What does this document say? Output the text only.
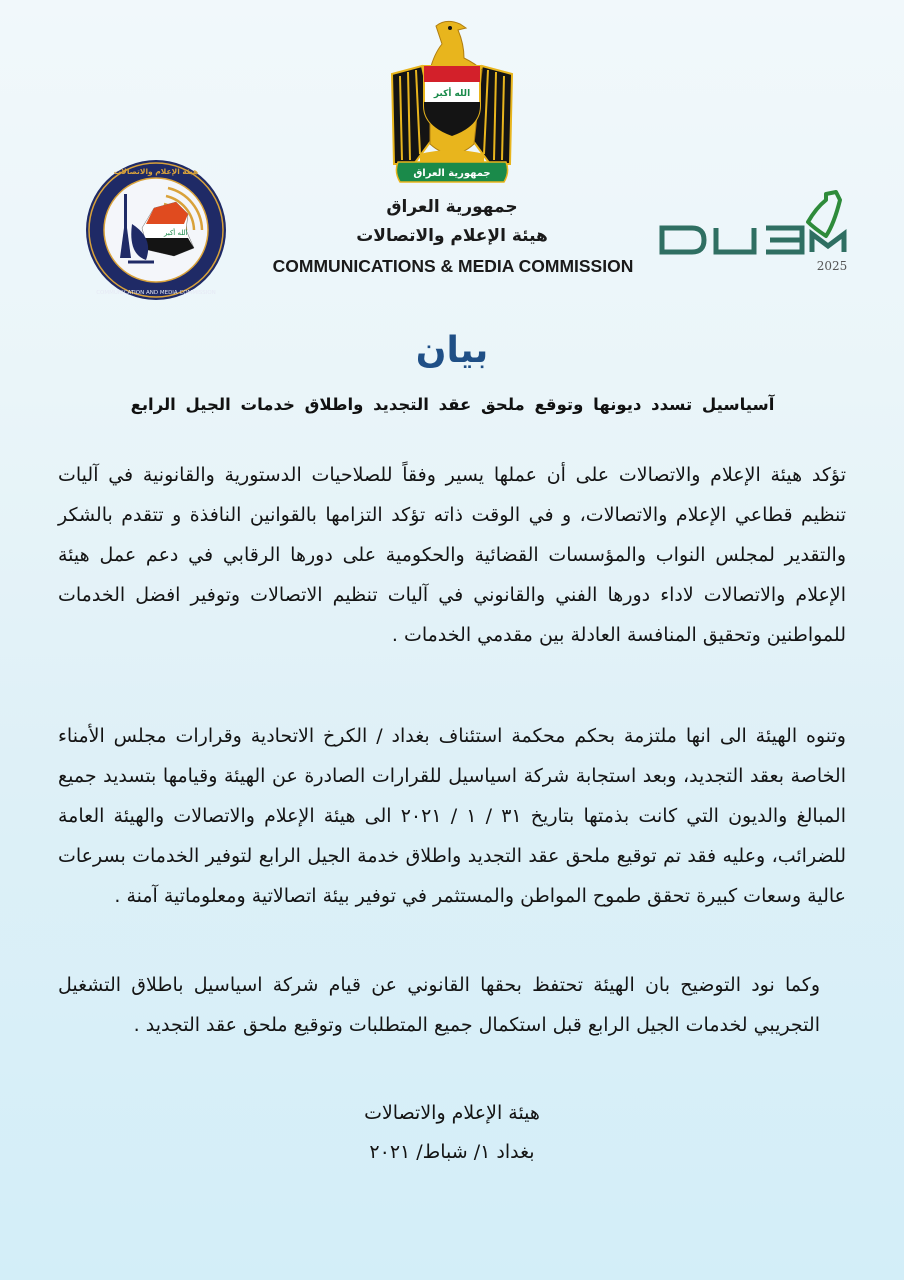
الله أكبر
جمهورية العراق
الله أكبر
هيئة الإعلام والاتصالات
COMMUNICATION AND MEDIA COMMISSION
2025
جمهورية العراق
هيئة الإعلام والاتصالات
COMMUNICATIONS & MEDIA COMMISSION
بيان
آسياسيل تسدد ديونها وتوقع ملحق عقد التجديد واطلاق خدمات الجيل الرابع
تؤكد هيئة الإعلام والاتصالات على أن عملها يسير وفقاً للصلاحيات الدستورية والقانونية في آليات تنظيم قطاعي الإعلام والاتصالات، و في الوقت ذاته تؤكد التزامها بالقوانين النافذة و تتقدم بالشكر والتقدير لمجلس النواب والمؤسسات القضائية والحكومية على دورها الرقابي في دعم عمل هيئة الإعلام والاتصالات لاداء دورها الفني والقانوني في آليات تنظيم الاتصالات وتوفير افضل الخدمات للمواطنين وتحقيق المنافسة العادلة بين مقدمي الخدمات .
وتنوه الهيئة الى انها ملتزمة بحكم محكمة استئناف بغداد / الكرخ الاتحادية وقرارات مجلس الأمناء الخاصة بعقد التجديد، وبعد استجابة شركة اسياسيل للقرارات الصادرة عن الهيئة وقيامها بتسديد جميع المبالغ والديون التي كانت بذمتها بتاريخ ٣١ / ١ / ٢٠٢١ الى هيئة الإعلام والاتصالات والهيئة العامة للضرائب، وعليه فقد تم توقيع ملحق عقد التجديد واطلاق خدمة الجيل الرابع لتوفير الخدمات بسرعات عالية وسعات كبيرة تحقق طموح المواطن والمستثمر في توفير بيئة اتصالاتية ومعلوماتية آمنة .
وكما نود التوضيح بان الهيئة تحتفظ بحقها القانوني عن قيام شركة اسياسيل باطلاق التشغيل التجريبي لخدمات الجيل الرابع قبل استكمال جميع المتطلبات وتوقيع ملحق عقد التجديد .
هيئة الإعلام والاتصالات
بغداد ١/ شباط/ ٢٠٢١
